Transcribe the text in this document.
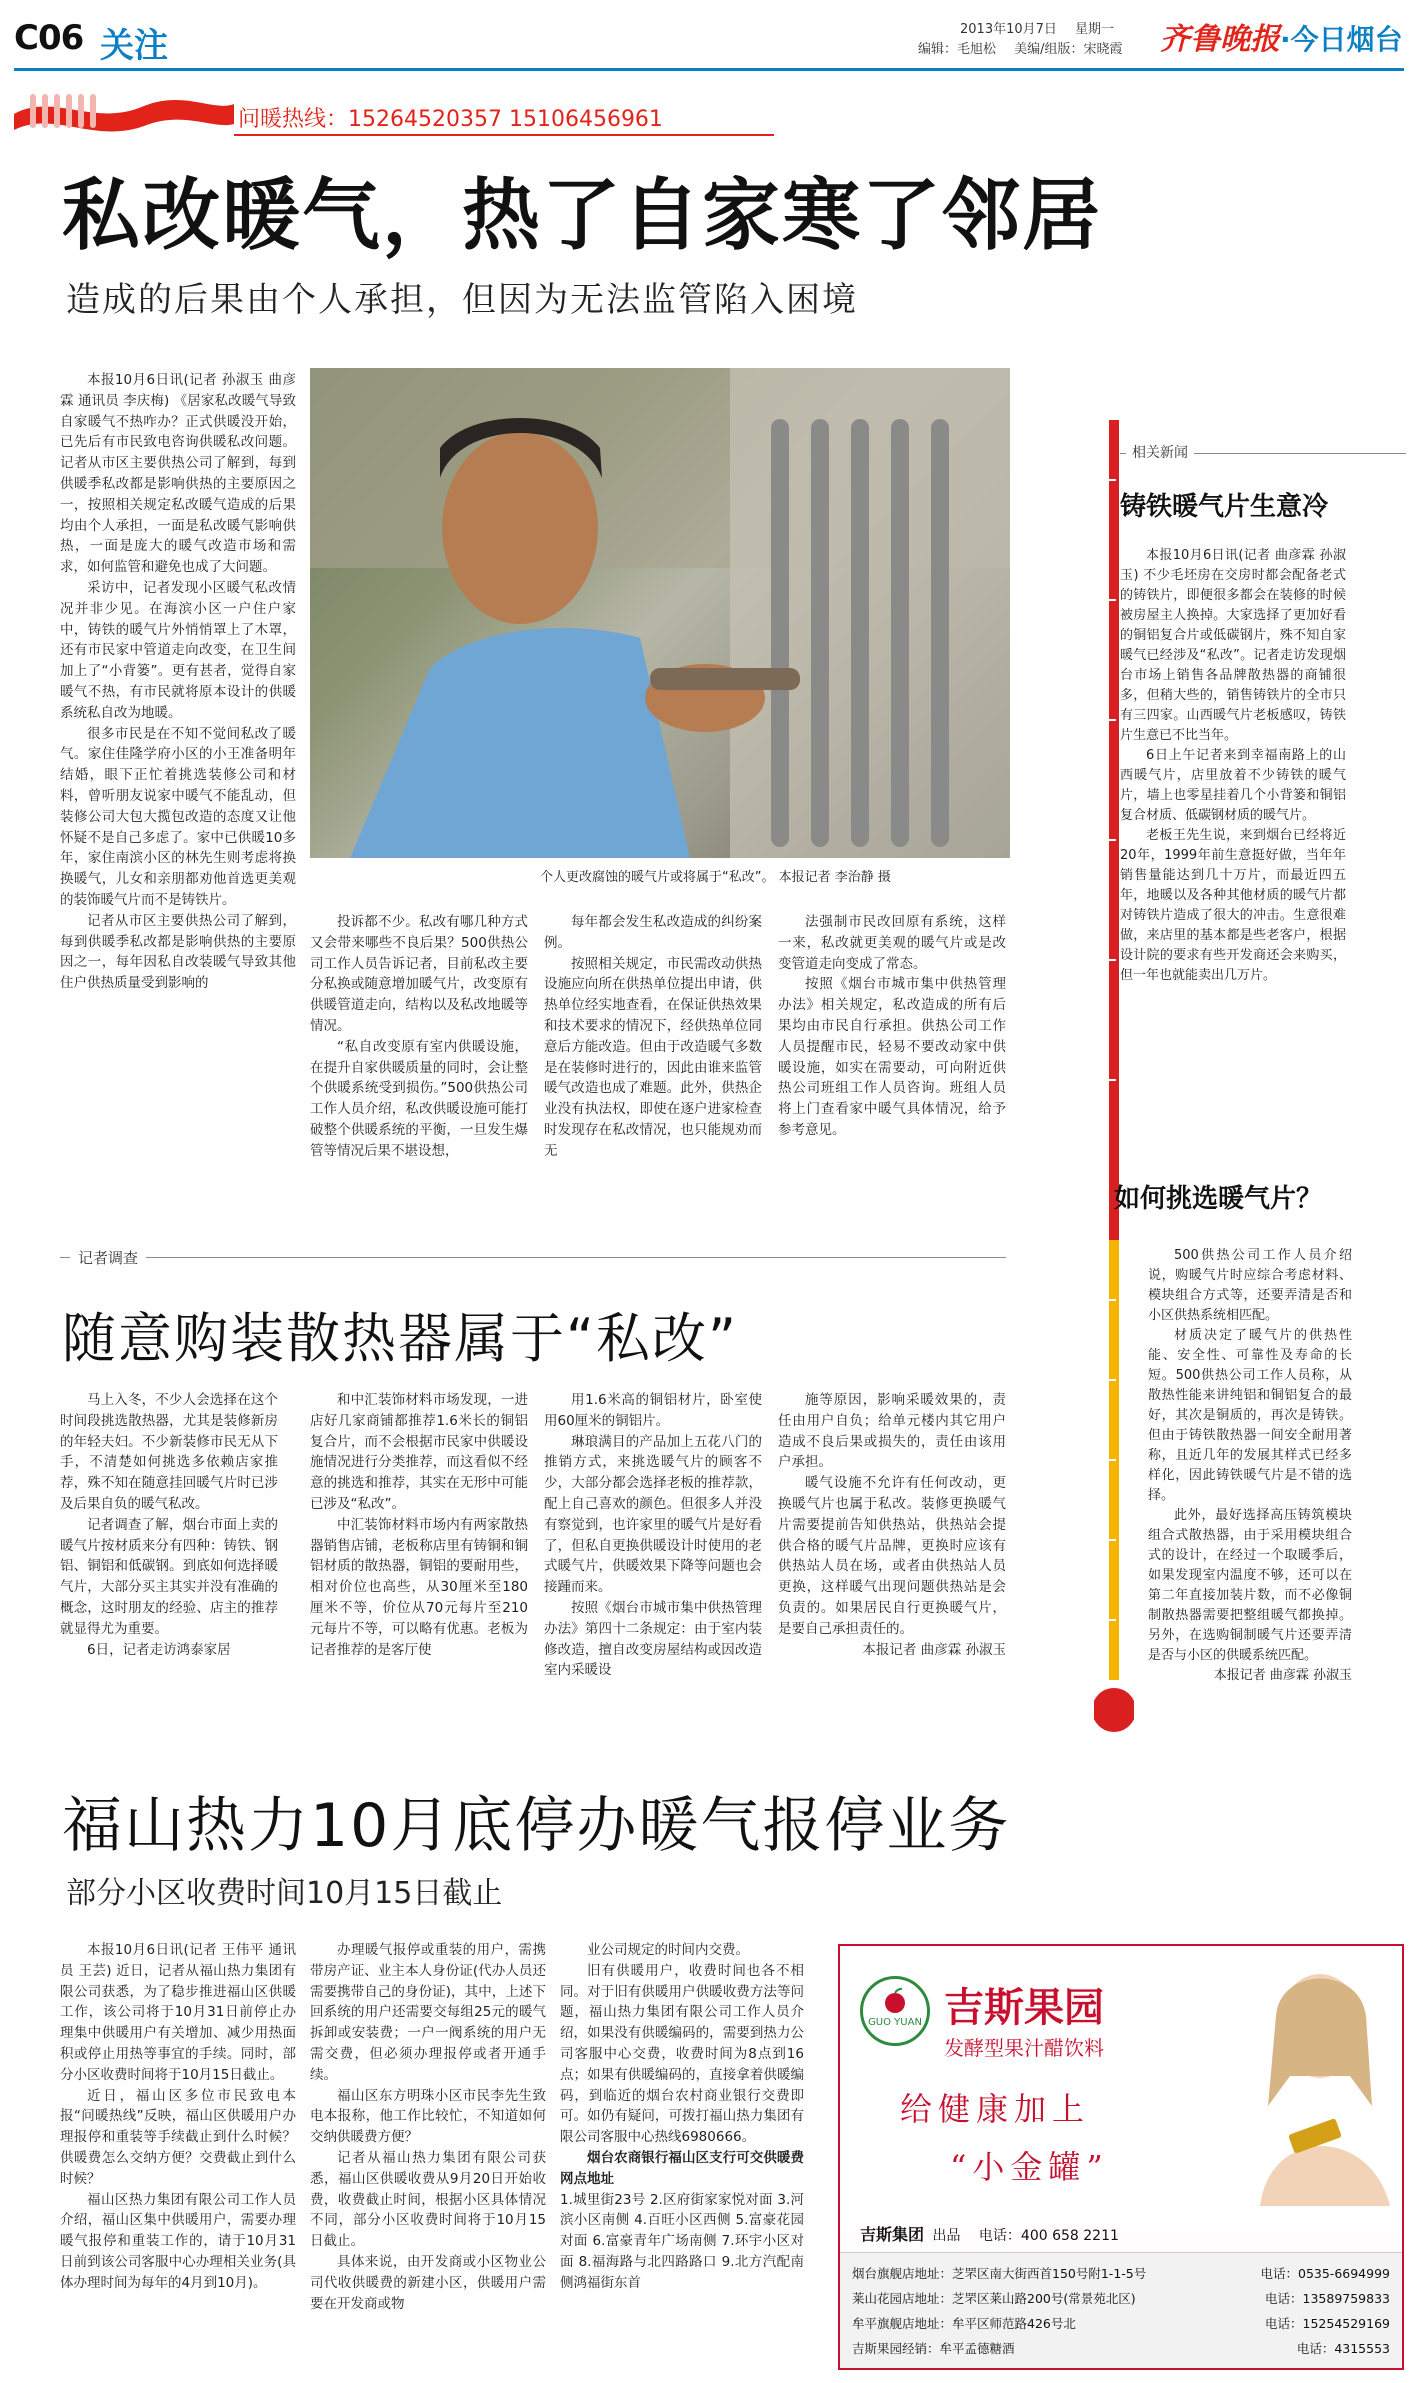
C06 关注	2013年10月7日 星期一
编辑：毛旭松 美编/组版：宋晓霞 齐鲁晚报·今日烟台
问暖热线：15264520357 15106456961
私改暖气，热了自家寒了邻居
造成的后果由个人承担，但因为无法监管陷入困境
个人更改腐蚀的暖气片或将属于“私改”。 本报记者 李治静 摄

本报10月6日讯(记者 孙淑玉 曲彦霖 通讯员 李庆梅) 《居家私改暖气导致自家暖气不热咋办？正式供暖没开始，已先后有市民致电咨询供暖私改问题。记者从市区主要供热公司了解到，每到供暖季私改都是影响供热的主要原因之一，按照相关规定私改暖气造成的后果均由个人承担，一面是私改暖气影响供热，一面是庞大的暖气改造市场和需求，如何监管和避免也成了大问题。

采访中，记者发现小区暖气私改情况并非少见。在海滨小区一户住户家中，铸铁的暖气片外悄悄罩上了木罩，还有市民家中管道走向改变，在卫生间加上了“小背篓”。更有甚者，觉得自家暖气不热，有市民就将原本设计的供暖系统私自改为地暖。

很多市民是在不知不觉间私改了暖气。家住佳隆学府小区的小王准备明年结婚，眼下正忙着挑选装修公司和材料，曾听朋友说家中暖气不能乱动，但装修公司大包大揽包改造的态度又让他怀疑不是自己多虑了。家中已供暖10多年，家住南滨小区的林先生则考虑将换换暖气，儿女和亲朋都劝他首选更美观的装饰暖气片而不是铸铁片。

记者从市区主要供热公司了解到，每到供暖季私改都是影响供热的主要原因之一，每年因私自改装暖气导致其他住户供热质量受到影响的

投诉都不少。私改有哪几种方式又会带来哪些不良后果？500供热公司工作人员告诉记者，目前私改主要分私换或随意增加暖气片，改变原有供暖管道走向，结构以及私改地暖等情况。

“私自改变原有室内供暖设施，在提升自家供暖质量的同时，会让整个供暖系统受到损伤。”500供热公司工作人员介绍，私改供暖设施可能打破整个供暖系统的平衡，一旦发生爆管等情况后果不堪设想，

每年都会发生私改造成的纠纷案例。

按照相关规定，市民需改动供热设施应向所在供热单位提出申请，供热单位经实地查看，在保证供热效果和技术要求的情况下，经供热单位同意后方能改造。但由于改造暖气多数是在装修时进行的，因此由谁来监管暖气改造也成了难题。此外，供热企业没有执法权，即使在逐户进家检查时发现存在私改情况，也只能规劝而无

法强制市民改回原有系统，这样一来，私改就更美观的暖气片或是改变管道走向变成了常态。

按照《烟台市城市集中供热管理办法》相关规定，私改造成的所有后果均由市民自行承担。供热公司工作人员提醒市民，轻易不要改动家中供暖设施，如实在需要动，可向附近供热公司班组工作人员咨询。班组人员将上门查看家中暖气具体情况，给予参考意见。

记者调查
随意购装散热器属于“私改”

马上入冬，不少人会选择在这个时间段挑选散热器，尤其是装修新房的年轻夫妇。不少新装修市民无从下手，不清楚如何挑选多依赖店家推荐，殊不知在随意挂回暖气片时已涉及后果自负的暖气私改。

记者调查了解，烟台市面上卖的暖气片按材质来分有四种：铸铁、钢铝、铜铝和低碳钢。到底如何选择暖气片，大部分买主其实并没有准确的概念，这时朋友的经验、店主的推荐就显得尤为重要。

6日，记者走访鸿泰家居

和中汇装饰材料市场发现，一进店好几家商铺都推荐1.6米长的铜铝复合片，而不会根据市民家中供暖设施情况进行分类推荐，而这看似不经意的挑选和推荐，其实在无形中可能已涉及“私改”。

中汇装饰材料市场内有两家散热器销售店铺，老板称店里有铸铜和铜铝材质的散热器，铜铝的要耐用些，相对价位也高些，从30厘米至180厘米不等，价位从70元每片至210元每片不等，可以略有优惠。老板为记者推荐的是客厅使

用1.6米高的铜铝材片，卧室使用60厘米的铜铝片。

琳琅满目的产品加上五花八门的推销方式，来挑选暖气片的顾客不少，大部分都会选择老板的推荐款，配上自己喜欢的颜色。但很多人并没有察觉到，也许家里的暖气片是好看了，但私自更换供暖设计时使用的老式暖气片，供暖效果下降等问题也会接踵而来。

按照《烟台市城市集中供热管理办法》第四十二条规定：由于室内装修改造，擅自改变房屋结构或因改造室内采暖设

施等原因，影响采暖效果的，责任由用户自负；给单元楼内其它用户造成不良后果或损失的，责任由该用户承担。

暖气设施不允许有任何改动，更换暖气片也属于私改。装修更换暖气片需要提前告知供热站，供热站会提供合格的暖气片品牌，更换时应该有供热站人员在场，或者由供热站人员更换，这样暖气出现问题供热站是会负责的。如果居民自行更换暖气片，是要自己承担责任的。

本报记者 曲彦霖 孙淑玉

相关新闻
铸铁暖气片生意冷

本报10月6日讯(记者 曲彦霖 孙淑玉) 不少毛坯房在交房时都会配备老式的铸铁片，即便很多都会在装修的时候被房屋主人换掉。大家选择了更加好看的铜铝复合片或低碳钢片，殊不知自家暖气已经涉及“私改”。记者走访发现烟台市场上销售各品牌散热器的商铺很多，但稍大些的，销售铸铁片的全市只有三四家。山西暖气片老板感叹，铸铁片生意已不比当年。

6日上午记者来到幸福南路上的山西暖气片，店里放着不少铸铁的暖气片，墙上也零星挂着几个小背篓和铜铝复合材质、低碳钢材质的暖气片。

老板王先生说，来到烟台已经将近20年，1999年前生意挺好做，当年年销售量能达到几十万片，而最近四五年，地暖以及各种其他材质的暖气片都对铸铁片造成了很大的冲击。生意很难做，来店里的基本都是些老客户，根据设计院的要求有些开发商还会来购买，但一年也就能卖出几万片。

如何挑选暖气片？

500供热公司工作人员介绍说，购暖气片时应综合考虑材料、模块组合方式等，还要弄清是否和小区供热系统相匹配。

材质决定了暖气片的供热性能、安全性、可靠性及寿命的长短。500供热公司工作人员称，从散热性能来讲纯铝和铜铝复合的最好，其次是铜质的，再次是铸铁。但由于铸铁散热器一间安全耐用著称，且近几年的发展其样式已经多样化，因此铸铁暖气片是不错的选择。

此外，最好选择高压铸筑模块组合式散热器，由于采用模块组合式的设计，在经过一个取暖季后，如果发现室内温度不够，还可以在第二年直接加装片数，而不必像铜制散热器需要把整组暖气都换掉。另外，在选购铜制暖气片还要弄清是否与小区的供暖系统匹配。

本报记者 曲彦霖 孙淑玉

福山热力10月底停办暖气报停业务
部分小区收费时间10月15日截止

本报10月6日讯(记者 王伟平 通讯员 王芸) 近日，记者从福山热力集团有限公司获悉，为了稳步推进福山区供暖工作，该公司将于10月31日前停止办理集中供暖用户有关增加、减少用热面积或停止用热等事宜的手续。同时，部分小区收费时间将于10月15日截止。

近日，福山区多位市民致电本报“问暖热线”反映，福山区供暖用户办理报停和重装等手续截止到什么时候？供暖费怎么交纳方便？交费截止到什么时候？

福山区热力集团有限公司工作人员介绍，福山区集中供暖用户，需要办理暖气报停和重装工作的，请于10月31日前到该公司客服中心办理相关业务(具体办理时间为每年的4月到10月)。

办理暖气报停或重装的用户，需携带房产证、业主本人身份证(代办人员还需要携带自己的身份证)，其中，上述下回系统的用户还需要交每组25元的暖气拆卸或安装费；一户一阀系统的用户无需交费，但必须办理报停或者开通手续。

福山区东方明珠小区市民李先生致电本报称，他工作比较忙，不知道如何交纳供暖费方便？

记者从福山热力集团有限公司获悉，福山区供暖收费从9月20日开始收费，收费截止时间，根据小区具体情况不同，部分小区收费时间将于10月15日截止。

具体来说，由开发商或小区物业公司代收供暖费的新建小区，供暖用户需要在开发商或物

业公司规定的时间内交费。

旧有供暖用户，收费时间也各不相同。对于旧有供暖用户供暖收费方法等问题，福山热力集团有限公司工作人员介绍，如果没有供暖编码的，需要到热力公司客服中心交费，收费时间为8点到16点；如果有供暖编码的，直接拿着供暖编码，到临近的烟台农村商业银行交费即可。如仍有疑问，可拨打福山热力集团有限公司客服中心热线6980666。

烟台农商银行福山区支行可交供暖费网点地址

1.城里街23号 2.区府街家家悦对面 3.河滨小区南侧 4.百旺小区西侧 5.富豪花园对面 6.富豪青年广场南侧 7.环宇小区对面 8.福海路与北四路路口 9.北方汽配南侧鸿福街东首

GUO YUAN 吉斯果园
发酵型果汁醋饮料
给健康加上
“小金罐”
吉斯集团 出品 电话：400 658 2211
烟台旗舰店地址：芝罘区南大街西首150号附1-1-5号	电话：0535-6694999
莱山花园店地址：芝罘区莱山路200号(常景苑北区)	电话：13589759833
牟平旗舰店地址：牟平区师范路426号北	电话：15254529169
吉斯果园经销：牟平孟德糖酒	电话：4315553
